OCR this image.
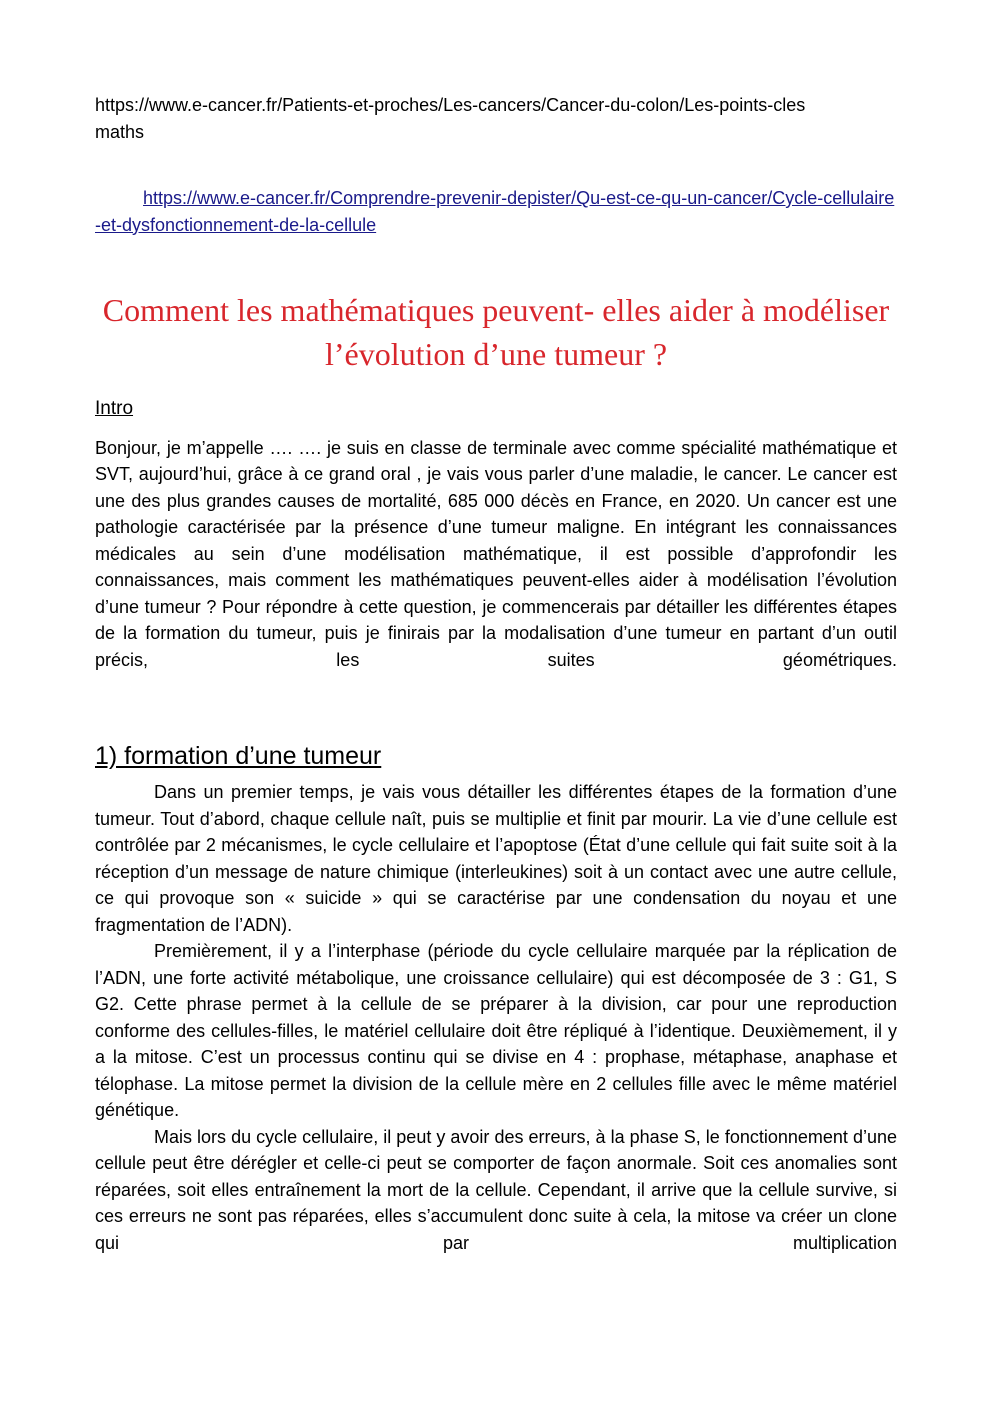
https://www.e-cancer.fr/Patients-et-proches/Les-cancers/Cancer-du-colon/Les-points-cles
maths

https://www.e-cancer.fr/Comprendre-prevenir-depister/Qu-est-ce-qu-un-cancer/Cycle-cellulaire-et-dysfonctionnement-de-la-cellule

Comment les mathématiques peuvent- elles aider à modéliser l’évolution d’une tumeur ?
Intro

Bonjour, je m’appelle …. …. je suis en classe de terminale avec comme spécialité mathématique et SVT, aujourd’hui, grâce à ce grand oral , je vais vous parler d’une maladie, le cancer. Le cancer est une des plus grandes causes de mortalité, 685 000 décès en France, en 2020. Un cancer est une pathologie caractérisée par la présence d’une tumeur maligne. En intégrant les connaissances médicales au sein d’une modélisation mathématique, il est possible d’approfondir les connaissances, mais comment les mathématiques peuvent-elles aider à modélisation l’évolution d’une tumeur ? Pour répondre à cette question, je commencerais par détailler les différentes étapes de la formation du tumeur, puis je finirais par la modalisation d’une tumeur en partant d’un outil précis, les suites géométriques.

1) formation d’une tumeur

Dans un premier temps, je vais vous détailler les différentes étapes de la formation d’une tumeur. Tout d’abord, chaque cellule naît, puis se multiplie et finit par mourir. La vie d’une cellule est contrôlée par 2 mécanismes, le cycle cellulaire et l’apoptose (État d’une cellule qui fait suite soit à la réception d’un message de nature chimique (interleukines) soit à un contact avec une autre cellule, ce qui provoque son « suicide » qui se caractérise par une condensation du noyau et une fragmentation de l’ADN).

Premièrement, il y a l’interphase (période du cycle cellulaire marquée par la réplication de l’ADN, une forte activité métabolique, une croissance cellulaire) qui est décomposée de 3 : G1, S G2. Cette phrase permet à la cellule de se préparer à la division, car pour une reproduction conforme des cellules-filles, le matériel cellulaire doit être répliqué à l’identique. Deuxièmement, il y a la mitose. C’est un processus continu qui se divise en 4 : prophase, métaphase, anaphase et télophase. La mitose permet la division de la cellule mère en 2 cellules fille avec le même matériel génétique.

Mais lors du cycle cellulaire, il peut y avoir des erreurs, à la phase S, le fonctionnement d’une cellule peut être dérégler et celle-ci peut se comporter de façon anormale. Soit ces anomalies sont réparées, soit elles entraînement la mort de la cellule. Cependant, il arrive que la cellule survive, si ces erreurs ne sont pas réparées, elles s’accumulent donc suite à cela, la mitose va créer un clone qui par multiplication
